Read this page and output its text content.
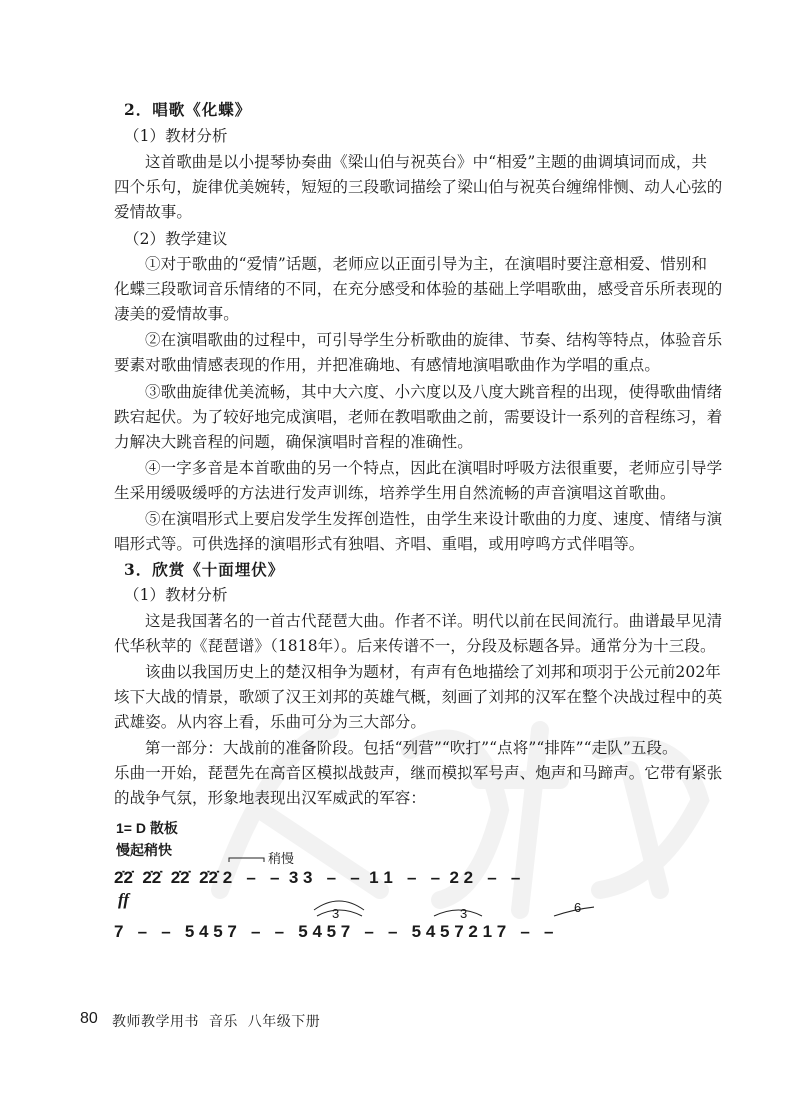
2．唱歌《化蝶》
（1）教材分析
这首歌曲是以小提琴协奏曲《梁山伯与祝英台》中“相爱”主题的曲调填词而成，共
四个乐句，旋律优美婉转，短短的三段歌词描绘了梁山伯与祝英台缠绵悱恻、动人心弦的
爱情故事。
（2）教学建议
①对于歌曲的“爱情”话题，老师应以正面引导为主，在演唱时要注意相爱、惜别和
化蝶三段歌词音乐情绪的不同，在充分感受和体验的基础上学唱歌曲，感受音乐所表现的
凄美的爱情故事。
②在演唱歌曲的过程中，可引导学生分析歌曲的旋律、节奏、结构等特点，体验音乐
要素对歌曲情感表现的作用，并把准确地、有感情地演唱歌曲作为学唱的重点。
③歌曲旋律优美流畅，其中大六度、小六度以及八度大跳音程的出现，使得歌曲情绪
跌宕起伏。为了较好地完成演唱，老师在教唱歌曲之前，需要设计一系列的音程练习，着
力解决大跳音程的问题，确保演唱时音程的准确性。
④一字多音是本首歌曲的另一个特点，因此在演唱时呼吸方法很重要，老师应引导学
生采用缓吸缓呼的方法进行发声训练，培养学生用自然流畅的声音演唱这首歌曲。
⑤在演唱形式上要启发学生发挥创造性，由学生来设计歌曲的力度、速度、情绪与演
唱形式等。可供选择的演唱形式有独唱、齐唱、重唱，或用哼鸣方式伴唱等。
3．欣赏《十面埋伏》
（1）教材分析
这是我国著名的一首古代琵琶大曲。作者不详。明代以前在民间流行。曲谱最早见清
代华秋苹的《琵琶谱》（1818年）。后来传谱不一，分段及标题各异。通常分为十三段。
该曲以我国历史上的楚汉相争为题材，有声有色地描绘了刘邦和项羽于公元前202年
垓下大战的情景，歌颂了汉王刘邦的英雄气概，刻画了刘邦的汉军在整个决战过程中的英
武雄姿。从内容上看，乐曲可分为三大部分。
第一部分：大战前的准备阶段。包括“列营”“吹打”“点将”“排阵”“走队”五段。
乐曲一开始，琵琶先在高音区模拟战鼓声，继而模拟军号声、炮声和马蹄声。它带有紧张
的战争气氛，形象地表现出汉军威武的军容：
1= D 散板
慢起稍快
稍慢
2̇2̇  2̇2̇  2̇2̇  2̇2̇ 2   –   –  3 3   –   –  1 1   –   –  2 2   –   –
ff
3	3	6
7   –   –   5 4 5 7   –   –   5 4 5 7   –   –   5 4 5 7 2 1 7   –   –
80 教师教学用书  音乐  八年级下册
